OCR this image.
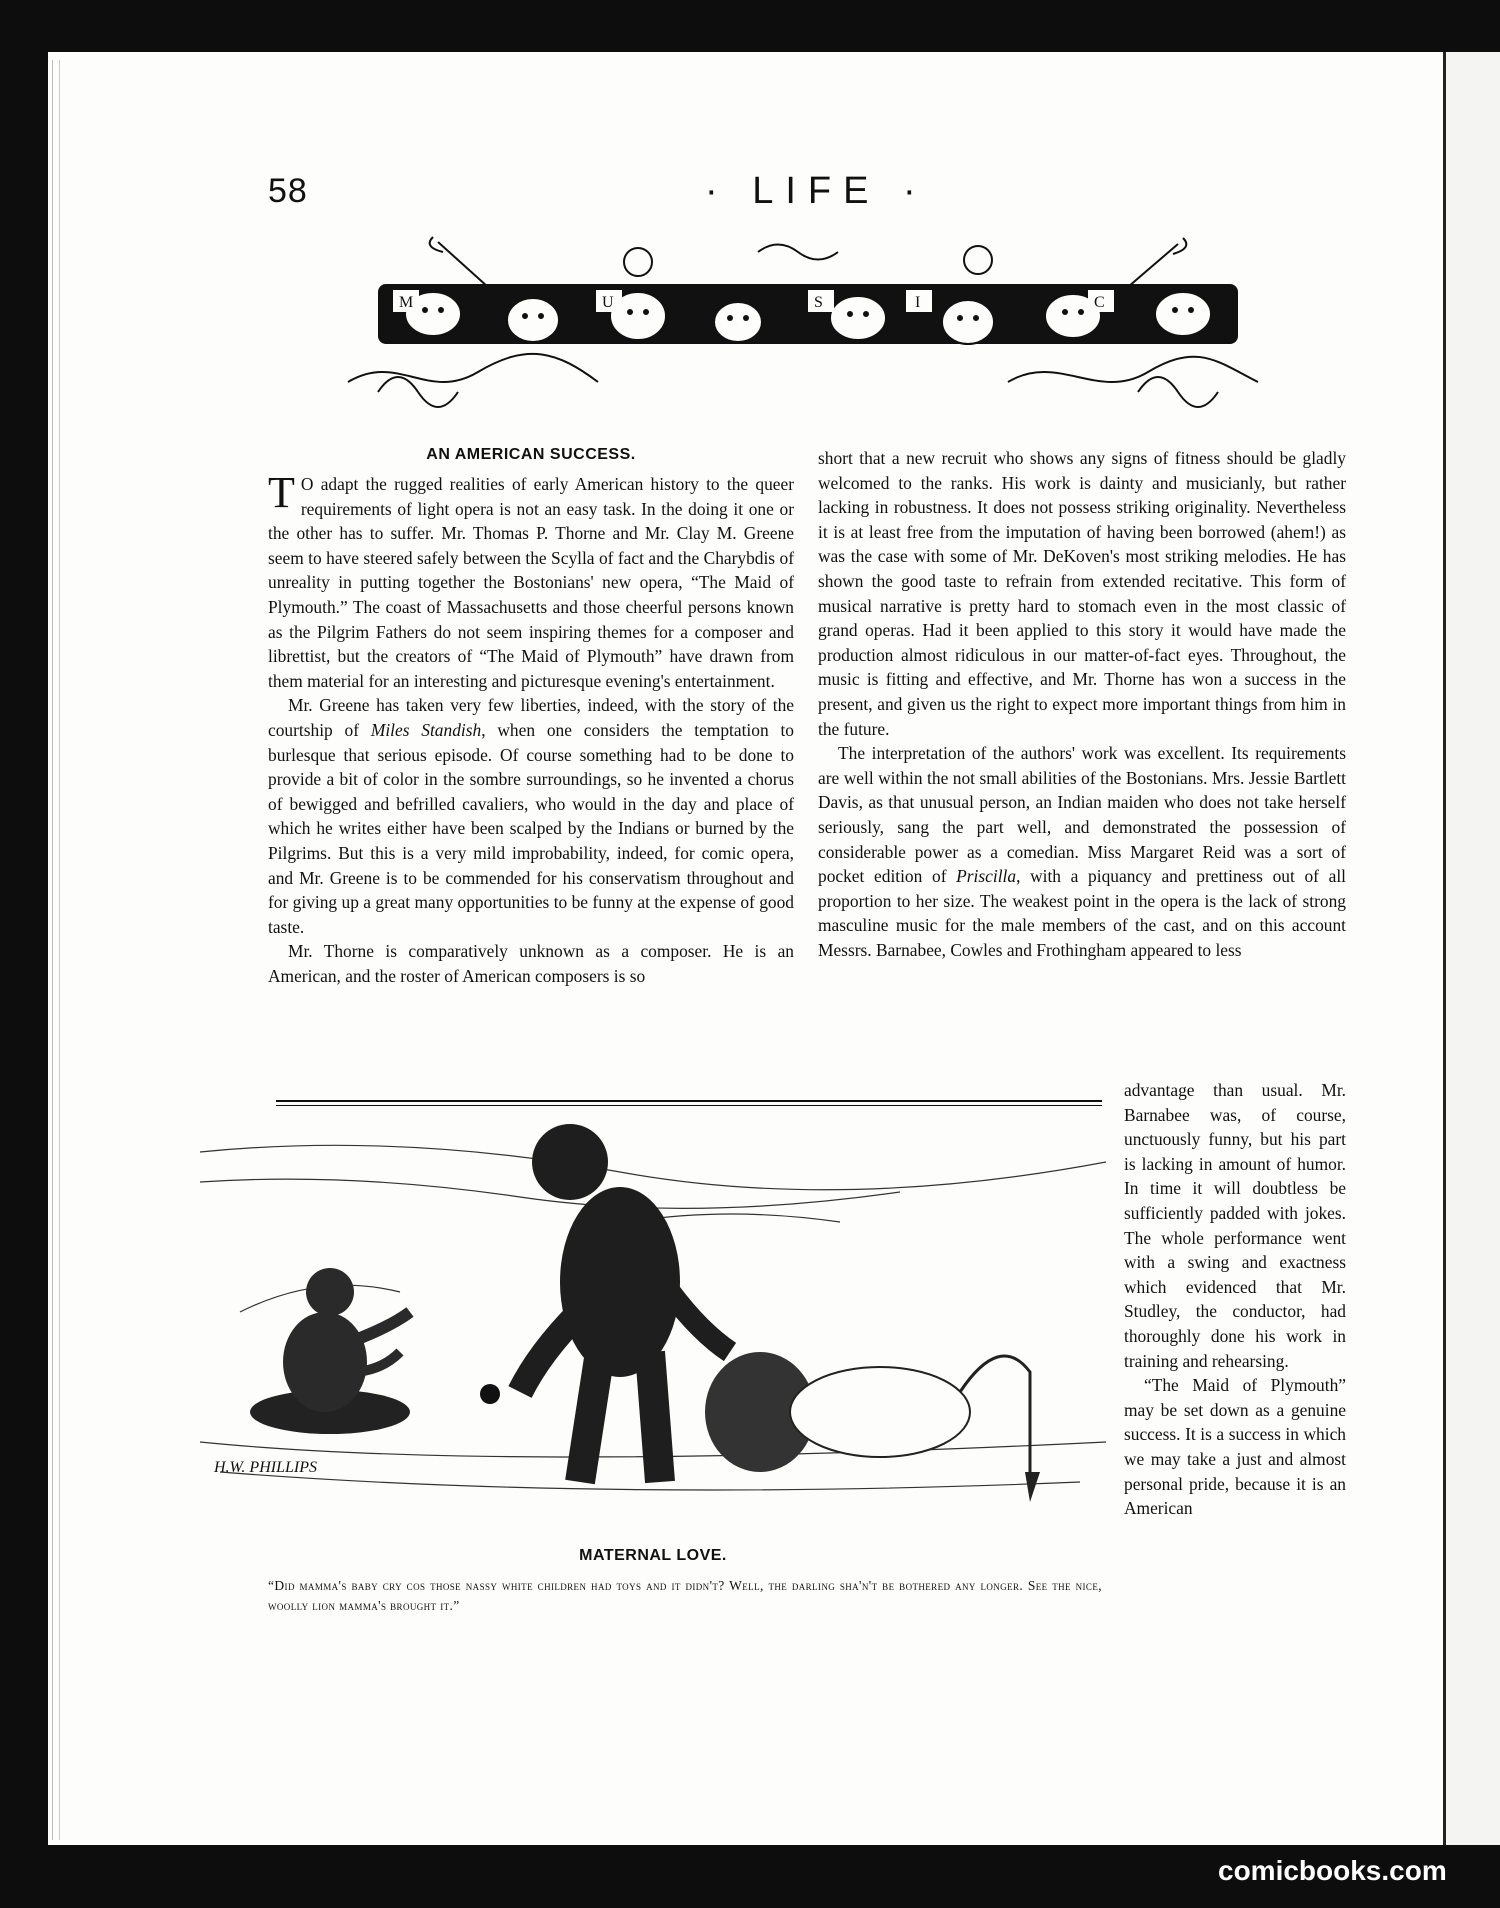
58	· LIFE ·
M	U	S	I	C
AN AMERICAN SUCCESS.

T O adapt the rugged realities of early American history to the queer requirements of light opera is not an easy task. In the doing it one or the other has to suffer. Mr. Thomas P. Thorne and Mr. Clay M. Greene seem to have steered safely between the Scylla of fact and the Charybdis of unreality in putting together the Bostonians' new opera, “The Maid of Plymouth.” The coast of Massachusetts and those cheerful persons known as the Pilgrim Fathers do not seem inspiring themes for a composer and librettist, but the creators of “The Maid of Plymouth” have drawn from them material for an interesting and picturesque evening's entertainment.

Mr. Greene has taken very few liberties, indeed, with the story of the courtship of Miles Standish, when one considers the temptation to burlesque that serious episode. Of course something had to be done to provide a bit of color in the sombre surroundings, so he invented a chorus of bewigged and befrilled cavaliers, who would in the day and place of which he writes either have been scalped by the Indians or burned by the Pilgrims. But this is a very mild improbability, indeed, for comic opera, and Mr. Greene is to be commended for his conservatism throughout and for giving up a great many opportunities to be funny at the expense of good taste.

Mr. Thorne is comparatively unknown as a composer. He is an American, and the roster of American composers is so

short that a new recruit who shows any signs of fitness should be gladly welcomed to the ranks. His work is dainty and musicianly, but rather lacking in robustness. It does not possess striking originality. Nevertheless it is at least free from the imputation of having been borrowed (ahem!) as was the case with some of Mr. DeKoven's most striking melodies. He has shown the good taste to refrain from extended recitative. This form of musical narrative is pretty hard to stomach even in the most classic of grand operas. Had it been applied to this story it would have made the production almost ridiculous in our matter-of-fact eyes. Throughout, the music is fitting and effective, and Mr. Thorne has won a success in the present, and given us the right to expect more important things from him in the future.

The interpretation of the authors' work was excellent. Its requirements are well within the not small abilities of the Bostonians. Mrs. Jessie Bartlett Davis, as that unusual person, an Indian maiden who does not take herself seriously, sang the part well, and demonstrated the possession of considerable power as a comedian. Miss Margaret Reid was a sort of pocket edition of Priscilla, with a piquancy and prettiness out of all proportion to her size. The weakest point in the opera is the lack of strong masculine music for the male members of the cast, and on this account Messrs. Barnabee, Cowles and Frothingham appeared to less

advantage than usual. Mr. Barnabee was, of course, unctuously funny, but his part is lacking in amount of humor. In time it will doubtless be sufficiently padded with jokes. The whole performance went with a swing and exactness which evidenced that Mr. Studley, the conductor, had thoroughly done his work in training and rehearsing.

“The Maid of Plymouth” may be set down as a genuine success. It is a success in which we may take a just and almost personal pride, because it is an American

H.W. PHILLIPS
MATERNAL LOVE.
“Did mamma's baby cry cos those nassy white children had toys and it didn't? Well, the darling sha'n't be bothered any longer. See the nice, woolly lion mamma's brought it.”
comicbooks.com
